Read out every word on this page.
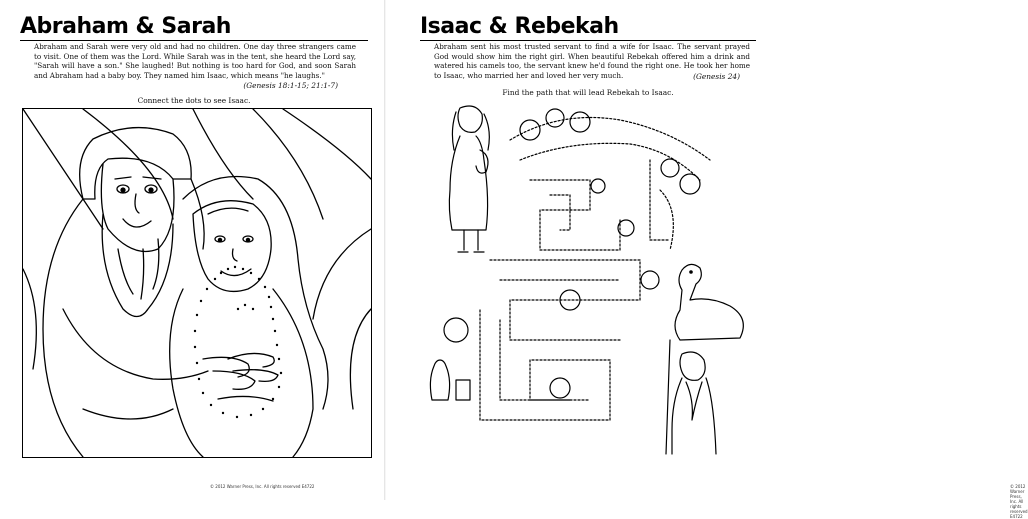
Abraham & Sarah

Abraham and Sarah were very old and had no children. One day three strangers came to visit. One of them was the Lord. While Sarah was in the tent, she heard the Lord say, "Sarah will have a son." She laughed! But nothing is too hard for God, and soon Sarah and Abraham had a baby boy. They named him Isaac, which means "he laughs."

(Genesis 18:1-15; 21:1-7)

Connect the dots to see Isaac.

© 2012 Warner Press, Inc. All rights reserved E4722
Isaac & Rebekah

Abraham sent his most trusted servant to find a wife for Isaac. The servant prayed God would show him the right girl. When beautiful Rebekah offered him a drink and watered his camels too, the servant knew he'd found the right one. He took her home to Isaac, who married her and loved her very much.	(Genesis 24)

Find the path that will lead Rebekah to Isaac.

© 2012 Warner Press, Inc. All rights reserved E4722
